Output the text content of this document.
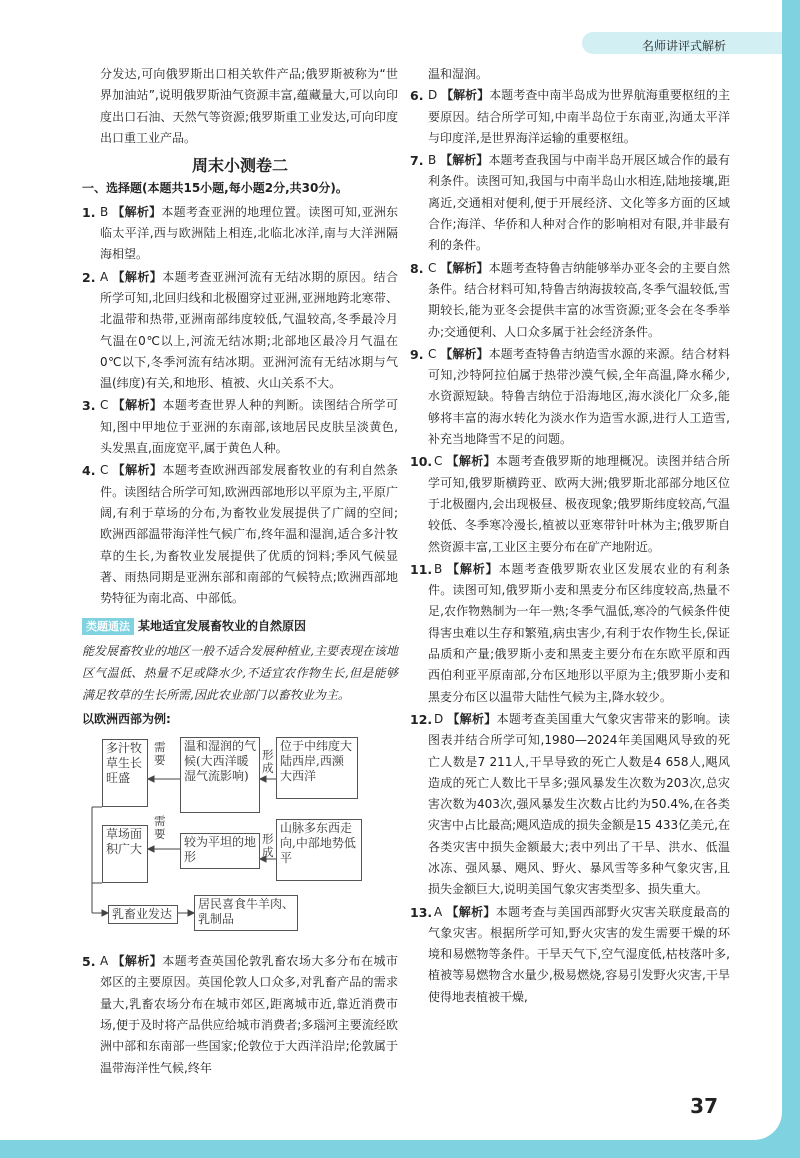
名师讲评式解析

分发达,可向俄罗斯出口相关软件产品;俄罗斯被称为“世界加油站”,说明俄罗斯油气资源丰富,蕴藏量大,可以向印度出口石油、天然气等资源;俄罗斯重工业发达,可向印度出口重工业产品。

周末小测卷二
一、选择题(本题共15小题,每小题2分,共30分)。
1. B 【解析】本题考查亚洲的地理位置。读图可知,亚洲东临太平洋,西与欧洲陆上相连,北临北冰洋,南与大洋洲隔海相望。
2. A 【解析】本题考查亚洲河流有无结冰期的原因。结合所学可知,北回归线和北极圈穿过亚洲,亚洲地跨北寒带、北温带和热带,亚洲南部纬度较低,气温较高,冬季最冷月气温在0℃以上,河流无结冰期;北部地区最冷月气温在0℃以下,冬季河流有结冰期。亚洲河流有无结冰期与气温(纬度)有关,和地形、植被、火山关系不大。
3. C 【解析】本题考查世界人种的判断。读图结合所学可知,图中甲地位于亚洲的东南部,该地居民皮肤呈淡黄色,头发黑直,面庞宽平,属于黄色人种。
4. C 【解析】本题考查欧洲西部发展畜牧业的有利自然条件。读图结合所学可知,欧洲西部地形以平原为主,平原广阔,有利于草场的分布,为畜牧业发展提供了广阔的空间;欧洲西部温带海洋性气候广布,终年温和湿润,适合多汁牧草的生长,为畜牧业发展提供了优质的饲料;季风气候显著、雨热同期是亚洲东部和南部的气候特点;欧洲西部地势特征为南北高、中部低。
类题通法 某地适宜发展畜牧业的自然原因

能发展畜牧业的地区一般不适合发展种植业,主要表现在该地区气温低、热量不足或降水少,不适宜农作物生长,但是能够满足牧草的生长所需,因此农业部门以畜牧业为主。

以欧洲西部为例:
多汁牧草生长旺盛
需要
温和湿润的气候(大西洋暖湿气流影响)
形成
位于中纬度大陆西岸,西濒大西洋
需要
草场面积广大	较为平坦的地形
形成
山脉多东西走向,中部地势低平
乳畜业发达
居民喜食牛羊肉、乳制品
5. A 【解析】本题考查英国伦敦乳畜农场大多分布在城市郊区的主要原因。英国伦敦人口众多,对乳畜产品的需求量大,乳畜农场分布在城市郊区,距离城市近,靠近消费市场,便于及时将产品供应给城市消费者;多瑙河主要流经欧洲中部和东南部一些国家;伦敦位于大西洋沿岸;伦敦属于温带海洋性气候,终年

温和湿润。

6. D 【解析】本题考查中南半岛成为世界航海重要枢纽的主要原因。结合所学可知,中南半岛位于东南亚,沟通太平洋与印度洋,是世界海洋运输的重要枢纽。
7. B 【解析】本题考查我国与中南半岛开展区域合作的最有利条件。读图可知,我国与中南半岛山水相连,陆地接壤,距离近,交通相对便利,便于开展经济、文化等多方面的区域合作;海洋、华侨和人种对合作的影响相对有限,并非最有利的条件。
8. C 【解析】本题考查特鲁吉纳能够举办亚冬会的主要自然条件。结合材料可知,特鲁吉纳海拔较高,冬季气温较低,雪期较长,能为亚冬会提供丰富的冰雪资源;亚冬会在冬季举办;交通便利、人口众多属于社会经济条件。
9. C 【解析】本题考查特鲁吉纳造雪水源的来源。结合材料可知,沙特阿拉伯属于热带沙漠气候,全年高温,降水稀少,水资源短缺。特鲁吉纳位于沿海地区,海水淡化厂众多,能够将丰富的海水转化为淡水作为造雪水源,进行人工造雪,补充当地降雪不足的问题。
10. C 【解析】本题考查俄罗斯的地理概况。读图并结合所学可知,俄罗斯横跨亚、欧两大洲;俄罗斯北部部分地区位于北极圈内,会出现极昼、极夜现象;俄罗斯纬度较高,气温较低、冬季寒冷漫长,植被以亚寒带针叶林为主;俄罗斯自然资源丰富,工业区主要分布在矿产地附近。
11. B 【解析】本题考查俄罗斯农业区发展农业的有利条件。读图可知,俄罗斯小麦和黑麦分布区纬度较高,热量不足,农作物熟制为一年一熟;冬季气温低,寒冷的气候条件使得害虫难以生存和繁殖,病虫害少,有利于农作物生长,保证品质和产量;俄罗斯小麦和黑麦主要分布在东欧平原和西西伯利亚平原南部,分布区地形以平原为主;俄罗斯小麦和黑麦分布区以温带大陆性气候为主,降水较少。
12. D 【解析】本题考查美国重大气象灾害带来的影响。读图表并结合所学可知,1980—2024年美国飓风导致的死亡人数是7 211人,干旱导致的死亡人数是4 658人,飓风造成的死亡人数比干旱多;强风暴发生次数为203次,总灾害次数为403次,强风暴发生次数占比约为50.4%,在各类灾害中占比最高;飓风造成的损失金额是15 433亿美元,在各类灾害中损失金额最大;表中列出了干旱、洪水、低温冰冻、强风暴、飓风、野火、暴风雪等多种气象灾害,且损失金额巨大,说明美国气象灾害类型多、损失重大。
13. A 【解析】本题考查与美国西部野火灾害关联度最高的气象灾害。根据所学可知,野火灾害的发生需要干燥的环境和易燃物等条件。干旱天气下,空气湿度低,枯枝落叶多,植被等易燃物含水量少,极易燃烧,容易引发野火灾害,干旱使得地表植被干燥,
37
